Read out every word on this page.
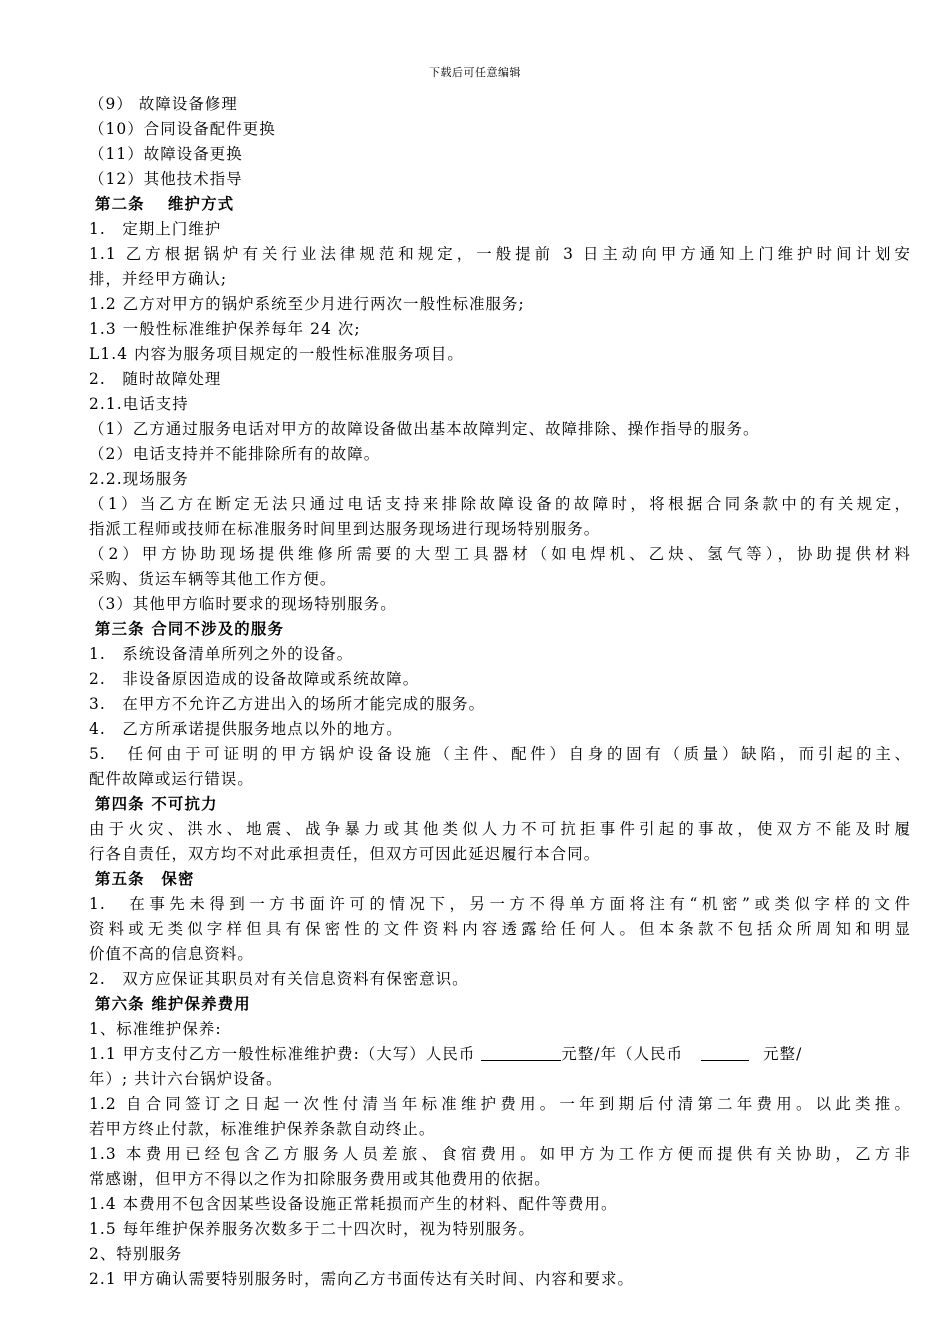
下载后可任意编辑
（9） 故障设备修理
（10）合同设备配件更换
（11）故障设备更换
（12）其他技术指导
第二条　 维护方式
1.　定期上门维护
1.1 乙方根据锅炉有关行业法律规范和规定，一般提前 3 日主动向甲方通知上门维护时间计划安
排，并经甲方确认;
1.2 乙方对甲方的锅炉系统至少月进行两次一般性标准服务;
1.3 一般性标准维护保养每年 24 次;
L1.4 内容为服务项目规定的一般性标准服务项目。
2.　随时故障处理
2.1.电话支持
（1）乙方通过服务电话对甲方的故障设备做出基本故障判定、故障排除、操作指导的服务。
（2）电话支持并不能排除所有的故障。
2.2.现场服务
（1）当乙方在断定无法只通过电话支持来排除故障设备的故障时，将根据合同条款中的有关规定，
指派工程师或技师在标准服务时间里到达服务现场进行现场特别服务。
（2）甲方协助现场提供维修所需要的大型工具器材（如电焊机、乙炔、氢气等），协助提供材料
采购、货运车辆等其他工作方便。
（3）其他甲方临时要求的现场特别服务。
第三条 合同不涉及的服务
1.　系统设备清单所列之外的设备。
2.　非设备原因造成的设备故障或系统故障。
3.　在甲方不允许乙方进出入的场所才能完成的服务。
4.　乙方所承诺提供服务地点以外的地方。
5.　任何由于可证明的甲方锅炉设备设施（主件、配件）自身的固有（质量）缺陷，而引起的主、
配件故障或运行错误。
第四条 不可抗力
由于火灾、洪水、地震、战争暴力或其他类似人力不可抗拒事件引起的事故，使双方不能及时履
行各自责任，双方均不对此承担责任，但双方可因此延迟履行本合同。
第五条　保密
1.　在事先未得到一方书面许可的情况下，另一方不得单方面将注有“机密”或类似字样的文件
资料或无类似字样但具有保密性的文件资料内容透露给任何人。但本条款不包括众所周知和明显
价值不高的信息资料。
2.　双方应保证其职员对有关信息资料有保密意识。
第六条 维护保养费用
1、标准维护保养:
1.1 甲方支付乙方一般性标准维护费:（大写）人民币	元整/年（人民币	元整/
年）; 共计六台锅炉设备。
1.2 自合同签订之日起一次性付清当年标准维护费用。一年到期后付清第二年费用。以此类推。
若甲方终止付款，标准维护保养条款自动终止。
1.3 本费用已经包含乙方服务人员差旅、食宿费用。如甲方为工作方便而提供有关协助，乙方非
常感谢，但甲方不得以之作为扣除服务费用或其他费用的依据。
1.4 本费用不包含因某些设备设施正常耗损而产生的材料、配件等费用。
1.5 每年维护保养服务次数多于二十四次时，视为特别服务。
2、特别服务
2.1 甲方确认需要特别服务时，需向乙方书面传达有关时间、内容和要求。
